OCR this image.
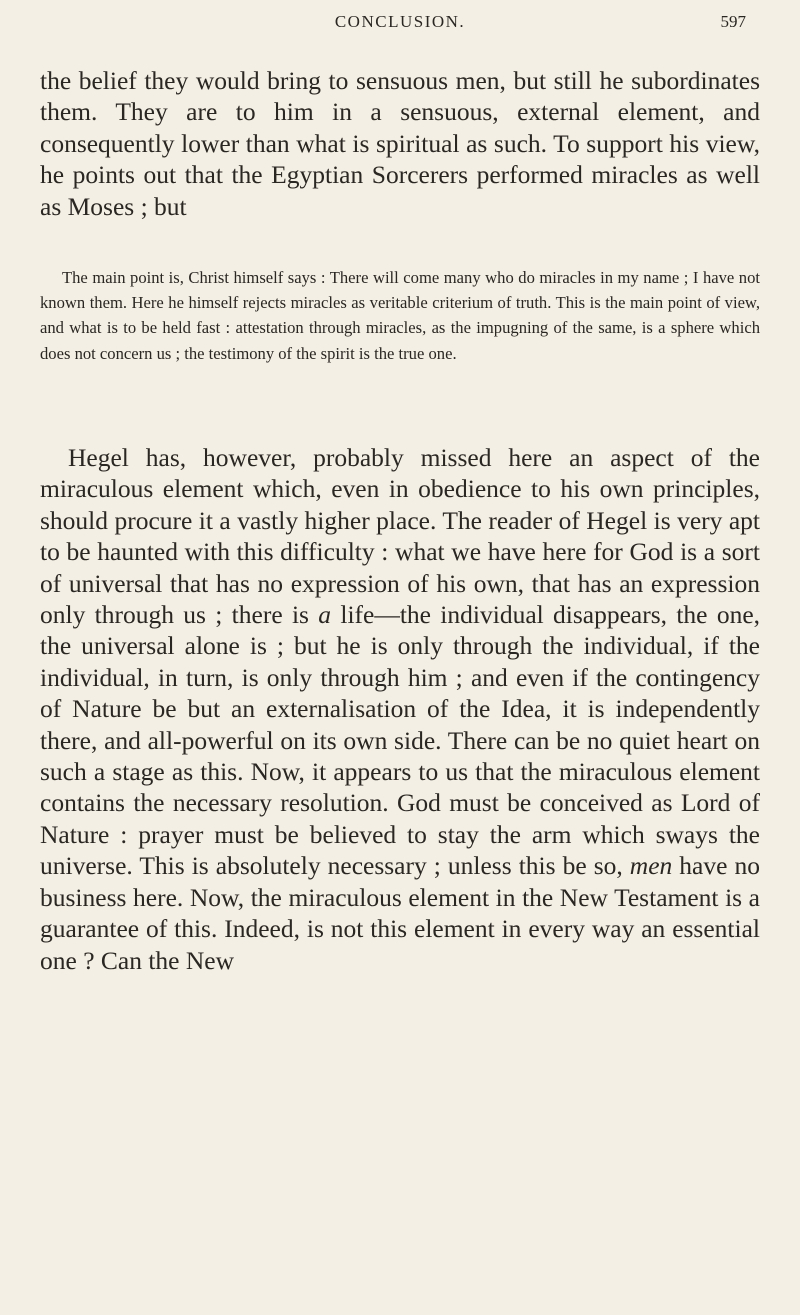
CONCLUSION.	597

the belief they would bring to sensuous men, but still he subordinates them. They are to him in a sensuous, external element, and consequently lower than what is spiritual as such. To support his view, he points out that the Egyptian Sorcerers performed miracles as well as Moses ; but

The main point is, Christ himself says : There will come many who do miracles in my name ; I have not known them. Here he himself rejects miracles as veritable criterium of truth. This is the main point of view, and what is to be held fast : attestation through miracles, as the impugning of the same, is a sphere which does not concern us ; the testimony of the spirit is the true one.

Hegel has, however, probably missed here an aspect of the miraculous element which, even in obedience to his own principles, should procure it a vastly higher place. The reader of Hegel is very apt to be haunted with this difficulty : what we have here for God is a sort of universal that has no expression of his own, that has an expression only through us ; there is a life—the individual disappears, the one, the universal alone is ; but he is only through the individual, if the individual, in turn, is only through him ; and even if the contingency of Nature be but an externalisation of the Idea, it is independently there, and all-powerful on its own side. There can be no quiet heart on such a stage as this. Now, it appears to us that the miraculous element contains the necessary resolution. God must be conceived as Lord of Nature : prayer must be believed to stay the arm which sways the universe. This is absolutely necessary ; unless this be so, men have no business here. Now, the miraculous element in the New Testament is a guarantee of this. Indeed, is not this element in every way an essential one ? Can the New
